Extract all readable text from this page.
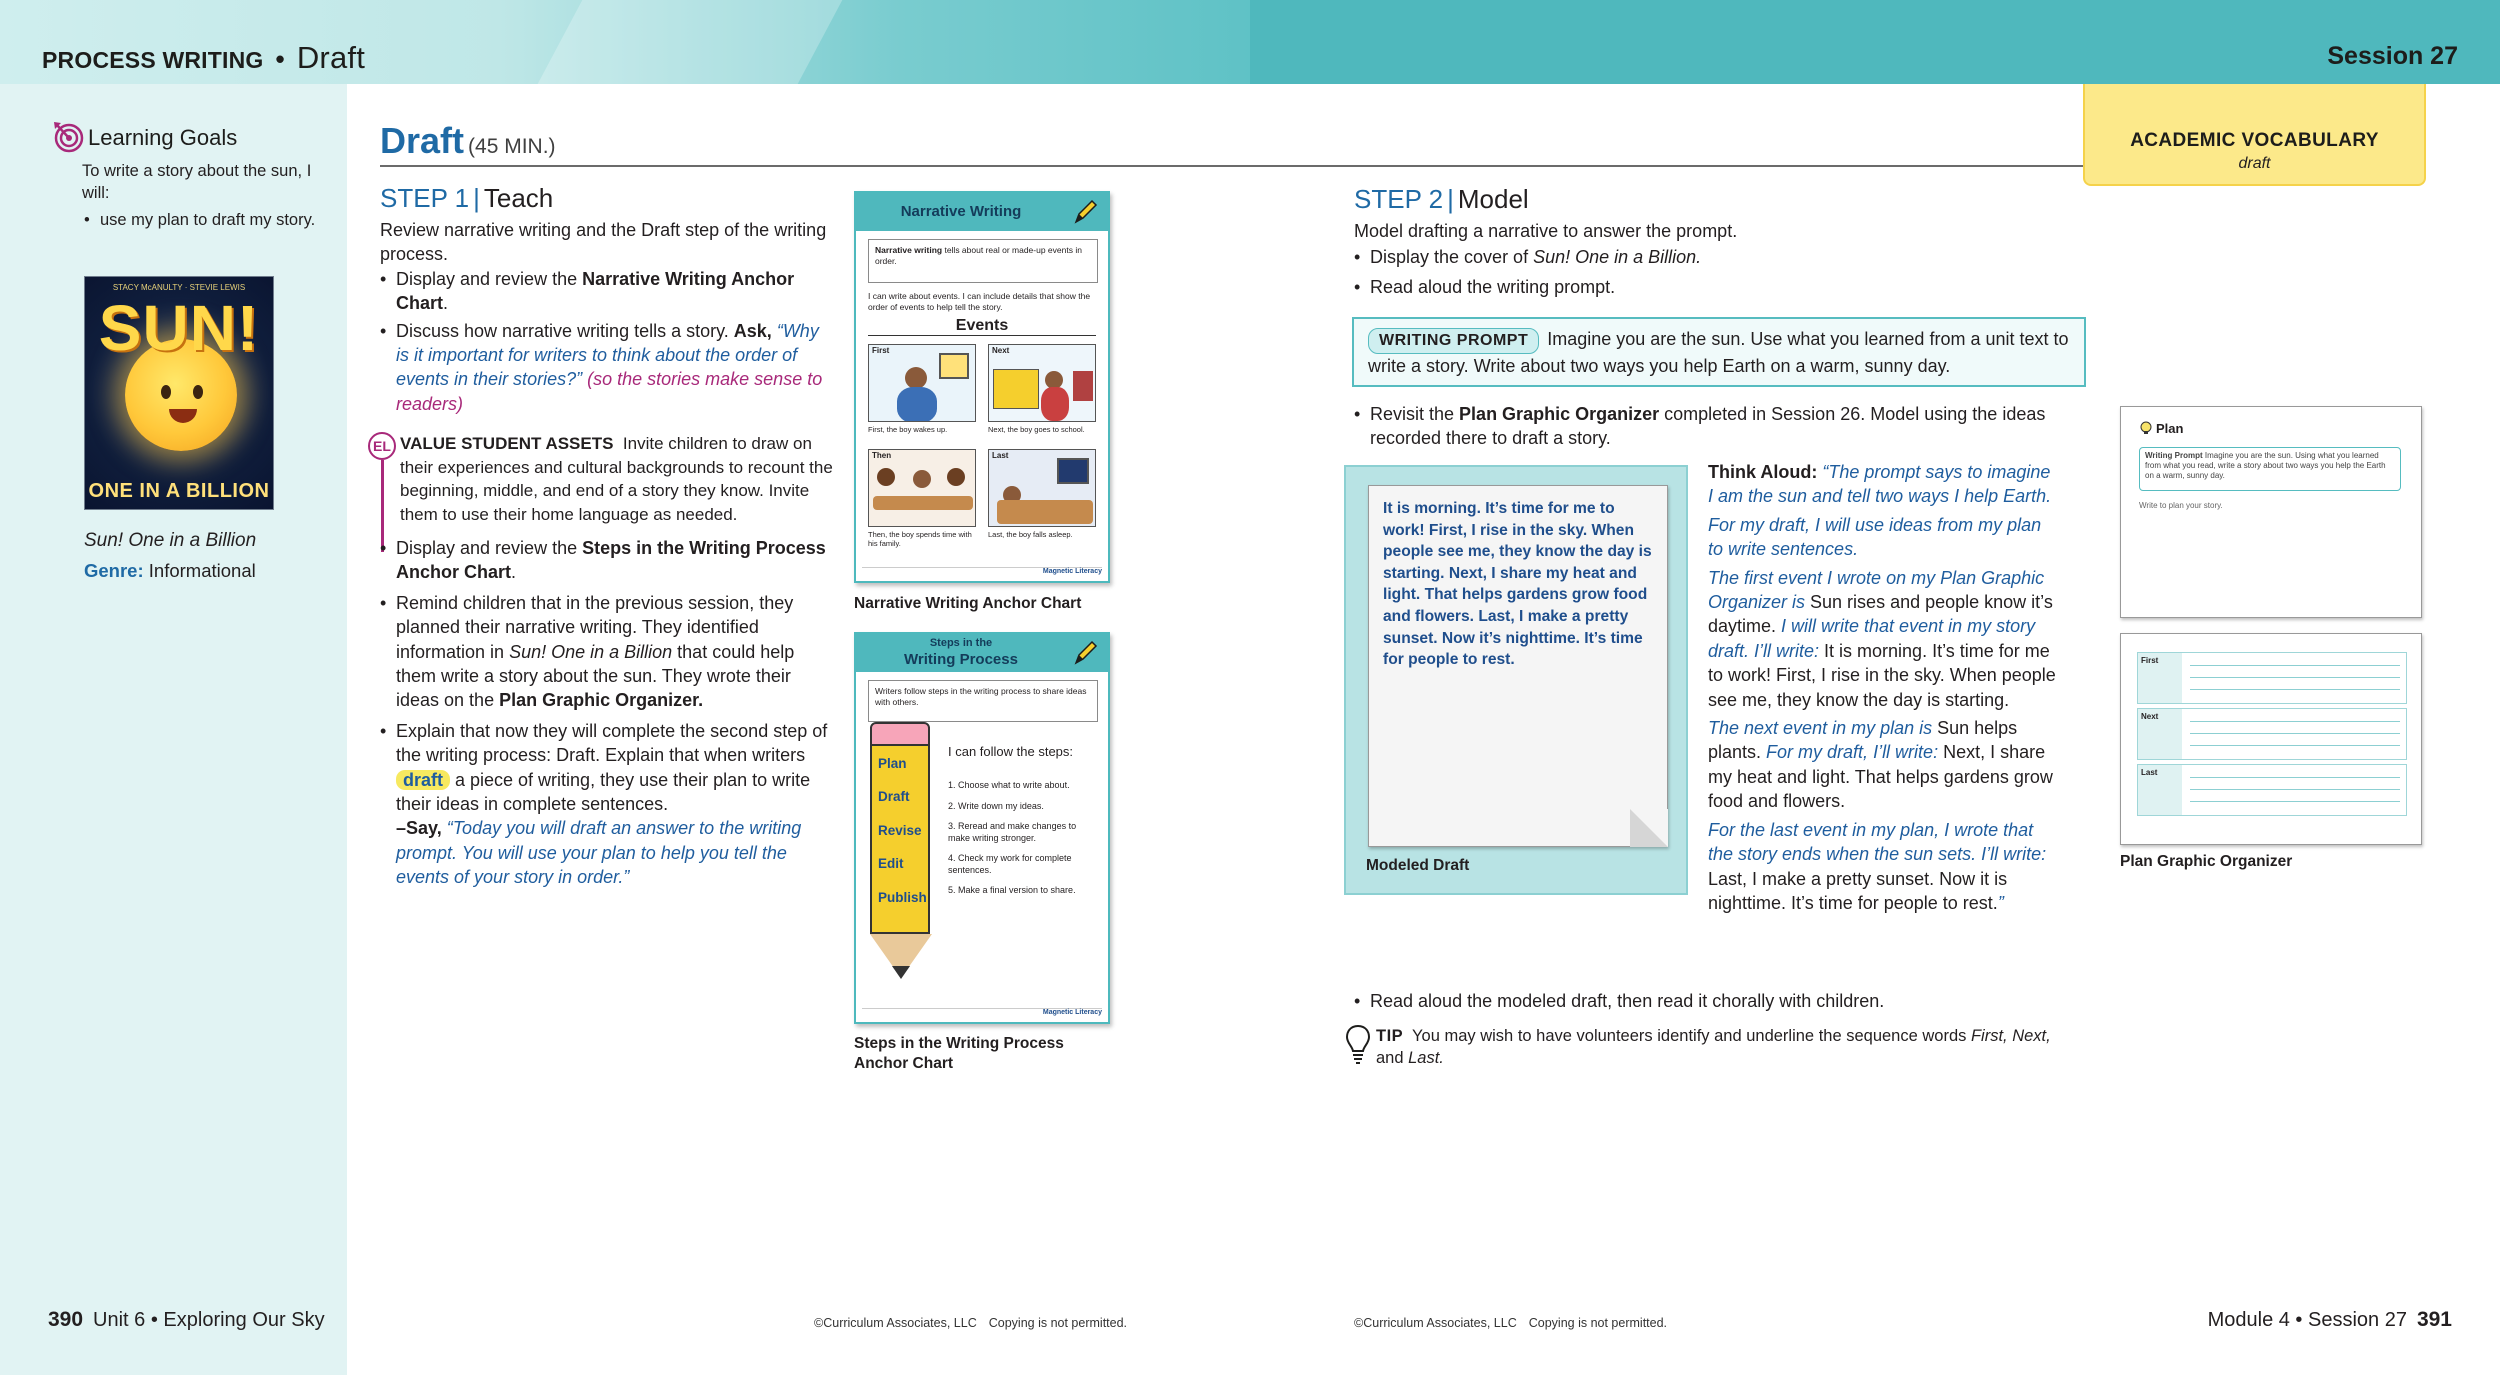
PROCESS WRITING • Draft	Session 27
Learning Goals
To write a story about the sun, I will:
• use my plan to draft my story.
STACY McANULTY · STEVIE LEWIS
SUN!
ONE IN A BILLION
Sun! One in a Billion
Genre: Informational
Draft (45 MIN.)	ACADEMIC VOCABULARY
draft
STEP 1 | Teach

Review narrative writing and the Draft step of the writing process.

• Display and review the Narrative Writing Anchor Chart.
• Discuss how narrative writing tells a story. Ask, “Why is it important for writers to think about the order of events in their stories?” (so the stories make sense to readers)
EL VALUE STUDENT ASSETS Invite children to draw on their experiences and cultural backgrounds to recount the beginning, middle, and end of a story they know. Invite them to use their home language as needed.
• Display and review the Steps in the Writing Process Anchor Chart.
• Remind children that in the previous session, they planned their narrative writing. They identified information in Sun! One in a Billion that could help them write a story about the sun. They wrote their ideas on the Plan Graphic Organizer.
• Explain that now they will complete the second step of the writing process: Draft. Explain that when writers draft a piece of writing, they use their plan to write their ideas in complete sentences.
–Say, “Today you will draft an answer to the writing prompt. You will use your plan to help you tell the events of your story in order.”
Narrative Writing
Narrative writing tells about real or made-up events in order.
I can write about events. I can include details that show the order of events to help tell the story.
Events
First
First, the boy wakes up.
Next
Next, the boy goes to school.
Then
Then, the boy spends time with his family.
Last
Last, the boy falls asleep.
Magnetic Literacy
Narrative Writing Anchor Chart
Steps in the
Writing Process
Writers follow steps in the writing process to share ideas with others.
Plan
Draft
Revise
Edit
Publish
I can follow the steps:
1. Choose what to write about.
2. Write down my ideas.
3. Reread and make changes to make writing stronger.
4. Check my work for complete sentences.
5. Make a final version to share.
Magnetic Literacy
Steps in the Writing Process Anchor Chart
STEP 2 | Model

Model drafting a narrative to answer the prompt.

• Display the cover of Sun! One in a Billion.
• Read aloud the writing prompt.
WRITING PROMPT Imagine you are the sun. Use what you learned from a unit text to write a story. Write about two ways you help Earth on a warm, sunny day.
• Revisit the Plan Graphic Organizer completed in Session 26. Model using the ideas recorded there to draft a story.
It is morning. It’s time for me to work! First, I rise in the sky. When people see me, they know the day is starting. Next, I share my heat and light. That helps gardens grow food and flowers. Last, I make a pretty sunset. Now it’s nighttime. It’s time for people to rest.
Modeled Draft

Think Aloud: “The prompt says to imagine I am the sun and tell two ways I help Earth.

For my draft, I will use ideas from my plan to write sentences.

The first event I wrote on my Plan Graphic Organizer is Sun rises and people know it’s daytime. I will write that event in my story draft. I’ll write: It is morning. It’s time for me to work! First, I rise in the sky. When people see me, they know the day is starting.

The next event in my plan is Sun helps plants. For my draft, I’ll write: Next, I share my heat and light. That helps gardens grow food and flowers.

For the last event in my plan, I wrote that the story ends when the sun sets. I’ll write: Last, I make a pretty sunset. Now it is nighttime. It’s time for people to rest.”

• Read aloud the modeled draft, then read it chorally with children.
TIP You may wish to have volunteers identify and underline the sequence words First, Next, and Last.
Plan
Writing Prompt Imagine you are the sun. Using what you learned from what you read, write a story about two ways you help the Earth on a warm, sunny day.
Write to plan your story.
First
Next
Last
Plan Graphic Organizer
390 Unit 6 • Exploring Our Sky	©Curriculum Associates, LLC Copying is not permitted.	©Curriculum Associates, LLC Copying is not permitted.	Module 4 • Session 27 391
